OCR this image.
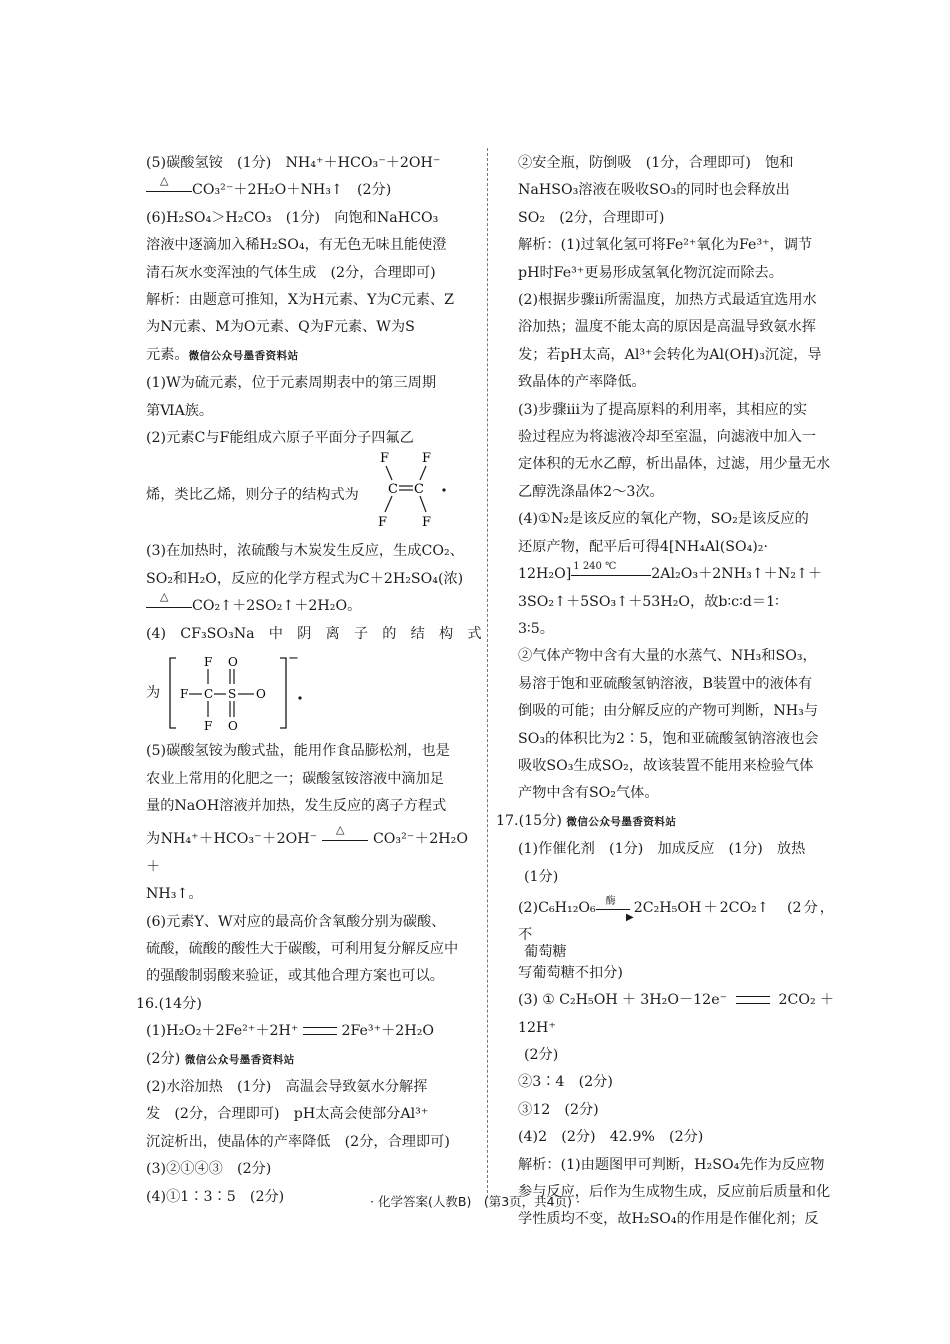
(5)碳酸氢铵　(1分)　NH₄⁺＋HCO₃⁻＋2OH⁻

△
CO₃²⁻＋2H₂O＋NH₃↑　(2分)

(6)H₂SO₄＞H₂CO₃　(1分)　向饱和NaHCO₃

溶液中逐滴加入稀H₂SO₄，有无色无味且能使澄

清石灰水变浑浊的气体生成　(2分，合理即可)

解析：由题意可推知，X为H元素、Y为C元素、Z

为N元素、M为O元素、Q为F元素、W为S

元素。微信公众号墨香资料站

(1)W为硫元素，位于元素周期表中的第三周期

第ⅥA族。

(2)元素C与F能组成六原子平面分子四氟乙

烯，类比乙烯，则分子的结构式为
F	F
C C
F	F

(3)在加热时，浓硫酸与木炭发生反应，生成CO₂、

SO₂和H₂O，反应的化学方程式为C＋2H₂SO₄(浓)

△
CO₂↑＋2SO₂↑＋2H₂O。

(4)　CF₃SO₃Na　中　阴　离　子　的　结　构　式

为
−
F O
F C S O
F O

(5)碳酸氢铵为酸式盐，能用作食品膨松剂，也是

农业上常用的化肥之一；碳酸氢铵溶液中滴加足

量的NaOH溶液并加热，发生反应的离子方程式

为NH₄⁺＋HCO₃⁻＋2OH⁻
△
CO₃²⁻＋2H₂O＋

NH₃↑。

(6)元素Y、W对应的最高价含氧酸分别为碳酸、

硫酸，硫酸的酸性大于碳酸，可利用复分解反应中

的强酸制弱酸来验证，或其他合理方案也可以。

16.(14分)

(1)H₂O₂＋2Fe²⁺＋2H⁺	2Fe³⁺＋2H₂O

(2分) 微信公众号墨香资料站

(2)水浴加热　(1分)　高温会导致氨水分解挥

发　(2分，合理即可)　pH太高会使部分Al³⁺

沉淀析出，使晶体的产率降低　(2分，合理即可)

(3)②①④③　(2分)

(4)①1∶3∶5　(2分)

②安全瓶，防倒吸　(1分，合理即可)　饱和

NaHSO₃溶液在吸收SO₃的同时也会释放出

SO₂　(2分，合理即可)

解析：(1)过氧化氢可将Fe²⁺氧化为Fe³⁺，调节

pH时Fe³⁺更易形成氢氧化物沉淀而除去。

(2)根据步骤ii所需温度，加热方式最适宜选用水

浴加热；温度不能太高的原因是高温导致氨水挥

发；若pH太高，Al³⁺会转化为Al(OH)₃沉淀，导

致晶体的产率降低。

(3)步骤iii为了提高原料的利用率，其相应的实

验过程应为将滤液冷却至室温，向滤液中加入一

定体积的无水乙醇，析出晶体，过滤，用少量无水

乙醇洗涤晶体2～3次。

(4)①N₂是该反应的氧化产物，SO₂是该反应的

还原产物，配平后可得4[NH₄Al(SO₄)₂·

12H₂O] 1 240 ℃ 2Al₂O₃＋2NH₃↑＋N₂↑＋

3SO₂↑＋5SO₃↑＋53H₂O，故b∶c∶d＝1∶

3∶5。

②气体产物中含有大量的水蒸气、NH₃和SO₃，

易溶于饱和亚硫酸氢钠溶液，B装置中的液体有

倒吸的可能；由分解反应的产物可判断，NH₃与

SO₃的体积比为2∶5，饱和亚硫酸氢钠溶液也会

吸收SO₃生成SO₂，故该装置不能用来检验气体

产物中含有SO₂气体。

17.(15分) 微信公众号墨香资料站

(1)作催化剂　(1分)　加成反应　(1分)　放热

(1分)

(2)C₆H₁₂O₆ 酶
▶
2C₂H₅OH＋2CO₂↑　(2分，不

葡萄糖

写葡萄糖不扣分)

(3)①C₂H₅OH＋3H₂O－12e⁻	2CO₂＋12H⁺

(2分)

②3∶4　(2分)

③12　(2分)

(4)2　(2分)　42.9%　(2分)

解析：(1)由题图甲可判断，H₂SO₄先作为反应物

参与反应，后作为生成物生成，反应前后质量和化

学性质均不变，故H₂SO₄的作用是作催化剂；反

· 化学答案(人教B)　(第3页，共4页) ·
